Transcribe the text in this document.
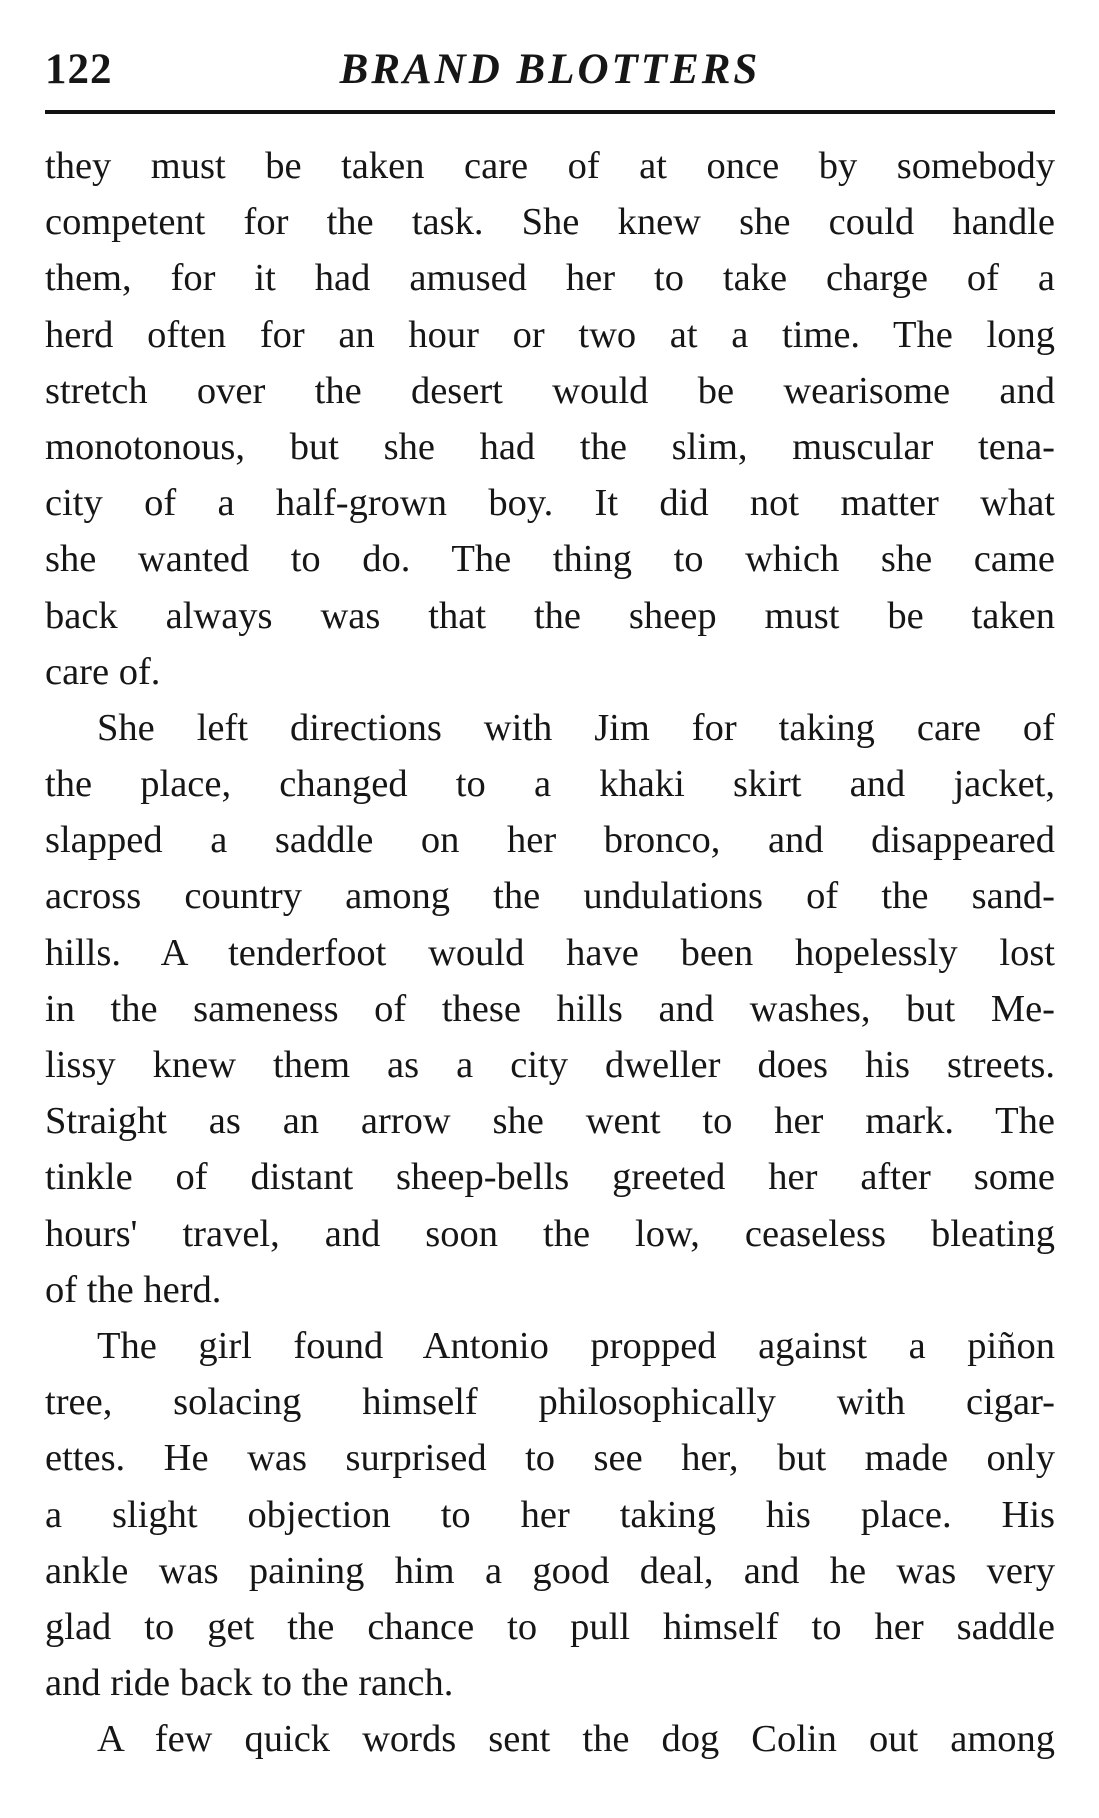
122	BRAND BLOTTERS
they must be taken care of at once by somebody
competent for the task. She knew she could handle
them, for it had amused her to take charge of a
herd often for an hour or two at a time. The long
stretch over the desert would be wearisome and
monotonous, but she had the slim, muscular tena-
city of a half-grown boy. It did not matter what
she wanted to do. The thing to which she came
back always was that the sheep must be taken
care of.
She left directions with Jim for taking care of
the place, changed to a khaki skirt and jacket,
slapped a saddle on her bronco, and disappeared
across country among the undulations of the sand-
hills. A tenderfoot would have been hopelessly lost
in the sameness of these hills and washes, but Me-
lissy knew them as a city dweller does his streets.
Straight as an arrow she went to her mark. The
tinkle of distant sheep-bells greeted her after some
hours' travel, and soon the low, ceaseless bleating
of the herd.
The girl found Antonio propped against a piñon
tree, solacing himself philosophically with cigar-
ettes. He was surprised to see her, but made only
a slight objection to her taking his place. His
ankle was paining him a good deal, and he was very
glad to get the chance to pull himself to her saddle
and ride back to the ranch.
A few quick words sent the dog Colin out among
